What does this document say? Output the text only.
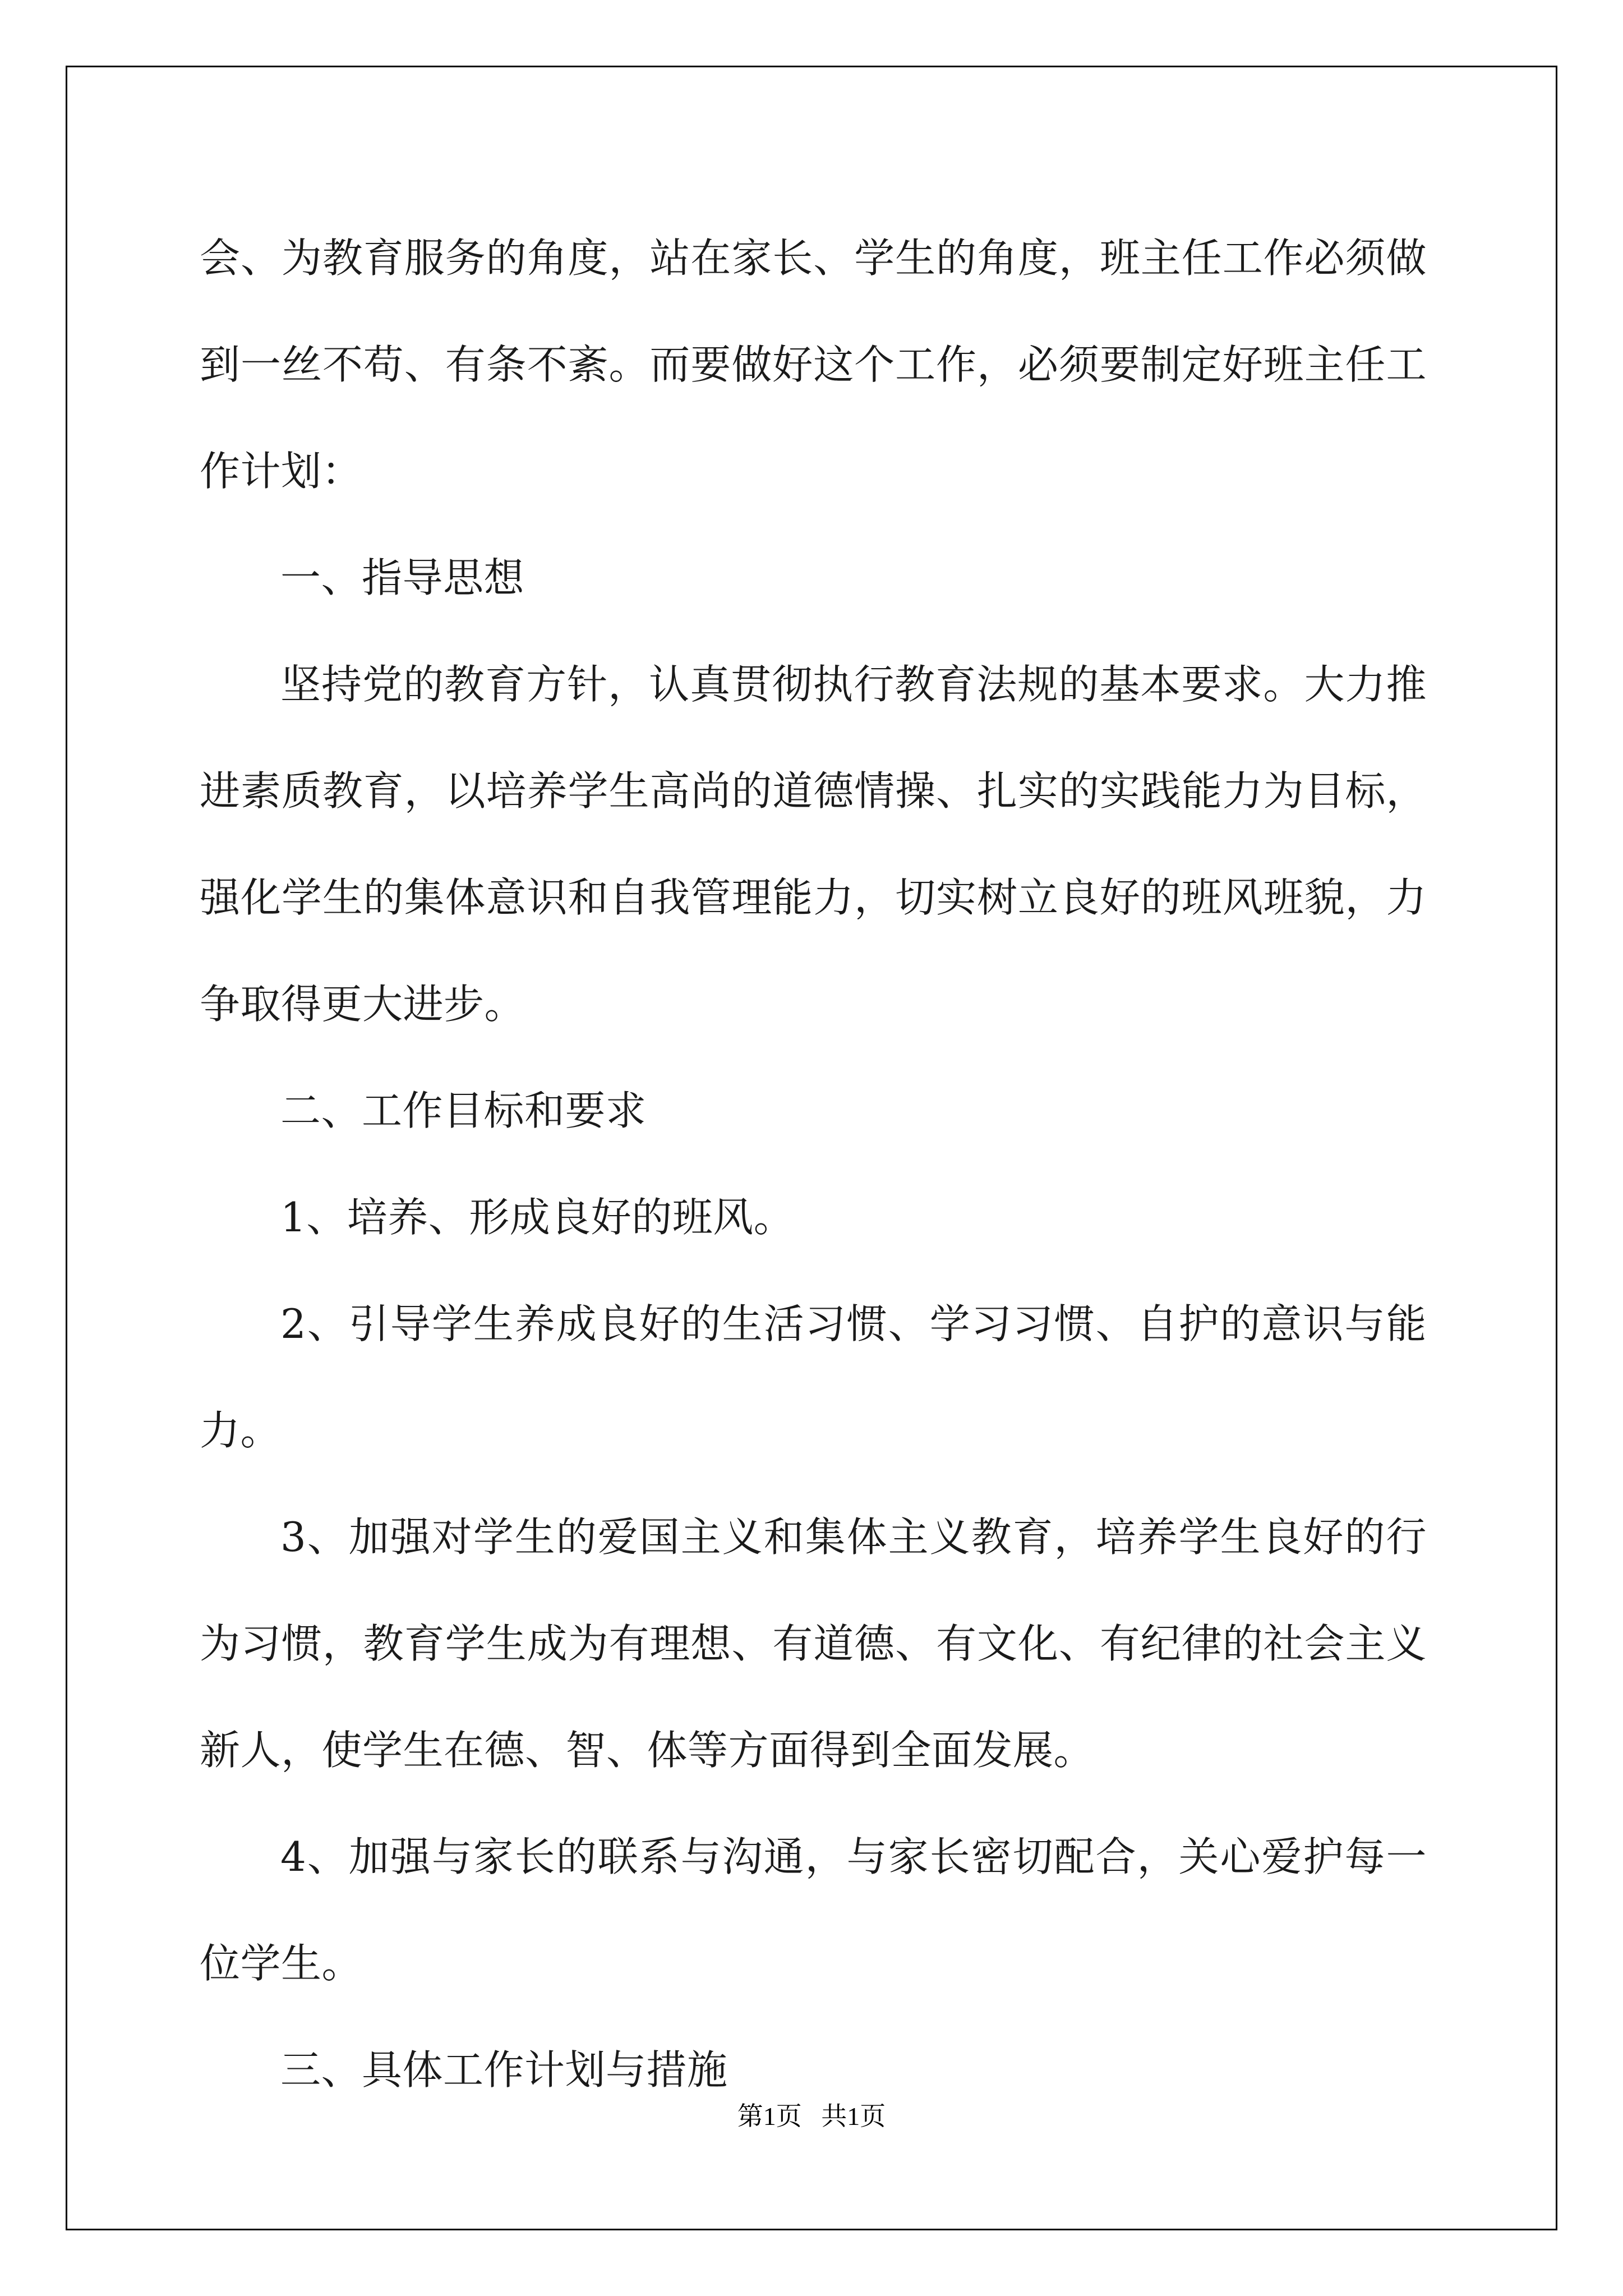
会、为教育服务的角度，站在家长、学生的角度，班主任工作必须做到一丝不苟、有条不紊。而要做好这个工作，必须要制定好班主任工作计划：

一、指导思想

坚持党的教育方针，认真贯彻执行教育法规的基本要求。大力推进素质教育，以培养学生高尚的道德情操、扎实的实践能力为目标，强化学生的集体意识和自我管理能力，切实树立良好的班风班貌，力争取得更大进步。

二、工作目标和要求

1、培养、形成良好的班风。

2、引导学生养成良好的生活习惯、学习习惯、自护的意识与能力。

3、加强对学生的爱国主义和集体主义教育，培养学生良好的行为习惯，教育学生成为有理想、有道德、有文化、有纪律的社会主义新人，使学生在德、智、体等方面得到全面发展。

4、加强与家长的联系与沟通，与家长密切配合，关心爱护每一位学生。

三、具体工作计划与措施

第1页   共1页
